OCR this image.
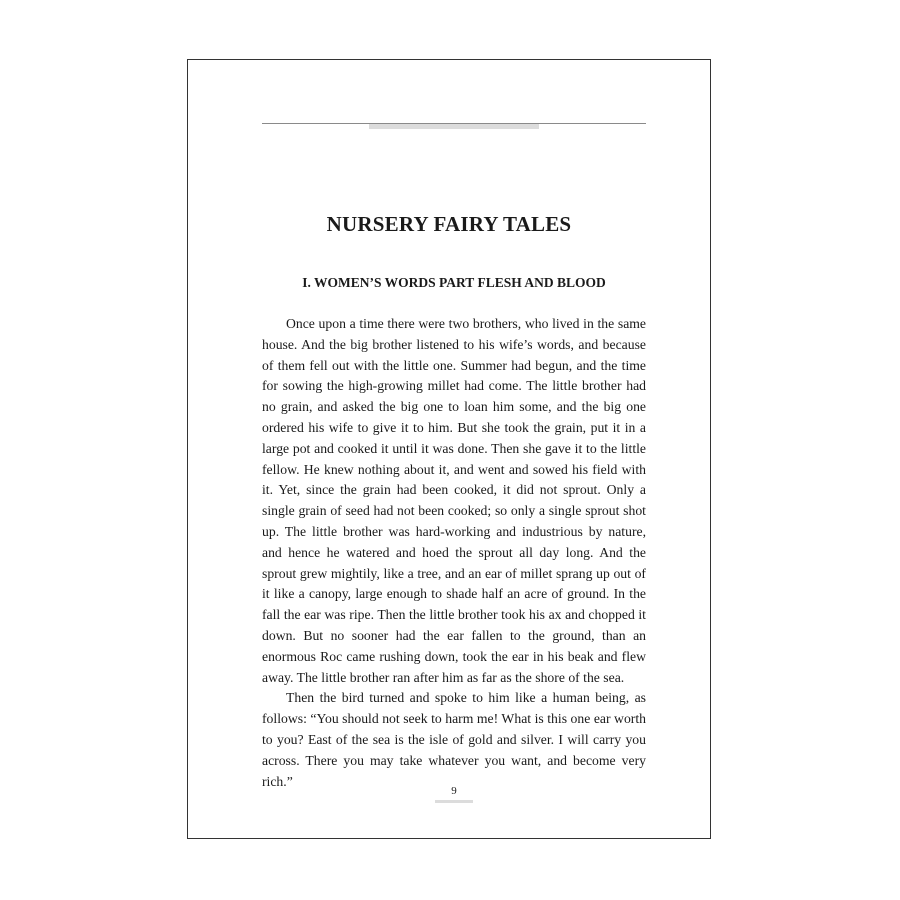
NURSERY FAIRY TALES
I. WOMEN’S WORDS PART FLESH AND BLOOD

Once upon a time there were two brothers, who lived in the same house. And the big brother listened to his wife’s words, and because of them fell out with the little one. Summer had begun, and the time for sowing the high-growing millet had come. The little brother had no grain, and asked the big one to loan him some, and the big one ordered his wife to give it to him. But she took the grain, put it in a large pot and cooked it until it was done. Then she gave it to the little fellow. He knew nothing about it, and went and sowed his field with it. Yet, since the grain had been cooked, it did not sprout. Only a single grain of seed had not been cooked; so only a single sprout shot up. The little brother was hard-working and industrious by nature, and hence he watered and hoed the sprout all day long. And the sprout grew mightily, like a tree, and an ear of millet sprang up out of it like a canopy, large enough to shade half an acre of ground. In the fall the ear was ripe. Then the little brother took his ax and chopped it down. But no sooner had the ear fallen to the ground, than an enormous Roc came rushing down, took the ear in his beak and flew away. The little brother ran after him as far as the shore of the sea.

Then the bird turned and spoke to him like a human being, as follows: “You should not seek to harm me! What is this one ear worth to you? East of the sea is the isle of gold and silver. I will carry you across. There you may take whatever you want, and become very rich.”

9
